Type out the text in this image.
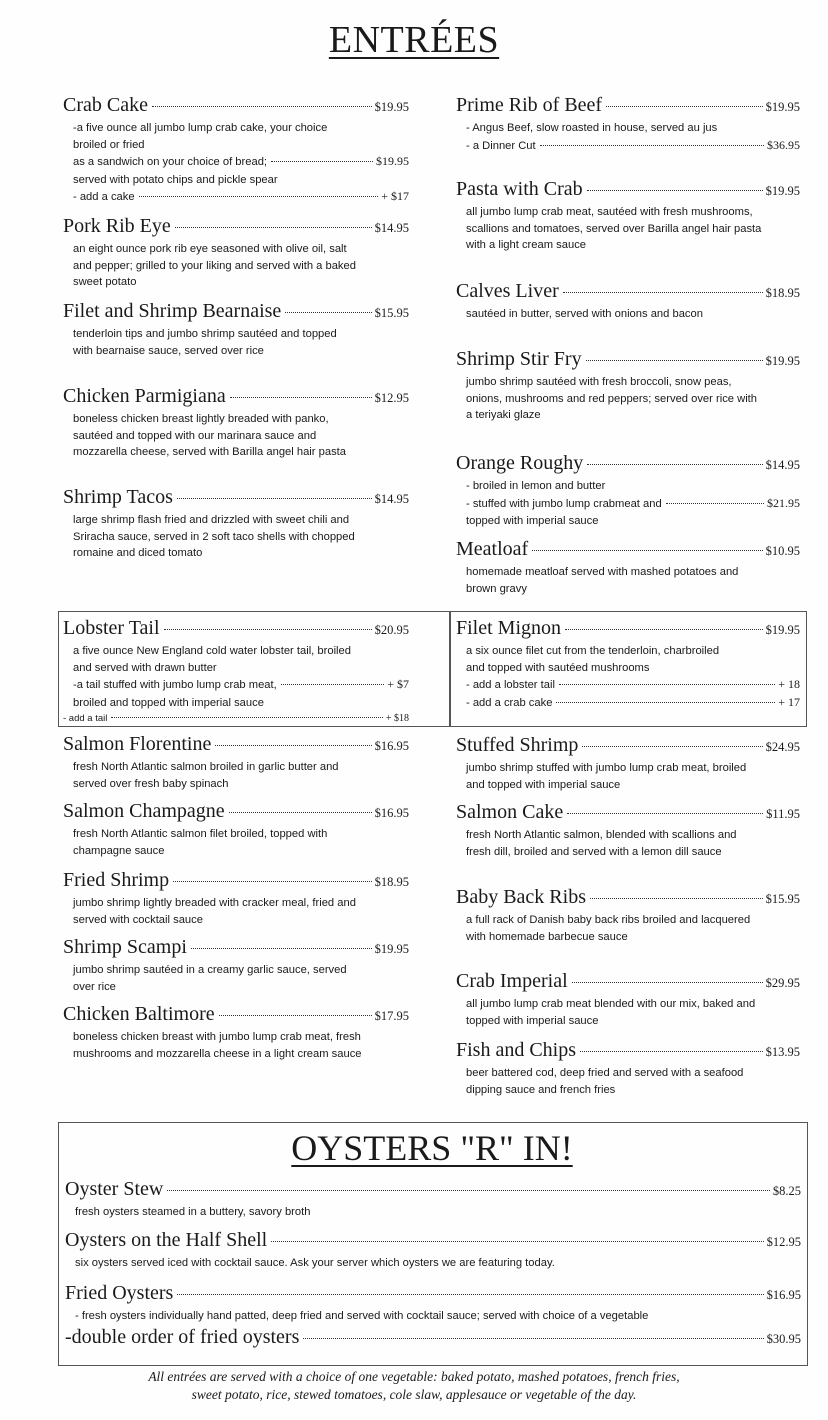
ENTRÉES
Crab Cake	$19.95
-a five ounce all jumbo lump crab cake, your choice broiled or fried
as a sandwich on your choice of bread;	$19.95
served with potato chips and pickle spear
- add a cake	+ $17
Pork Rib Eye	$14.95
an eight ounce pork rib eye seasoned with olive oil, salt and pepper; grilled to your liking and served with a baked sweet potato
Filet and Shrimp Bearnaise	$15.95
tenderloin tips and jumbo shrimp sautéed and topped with bearnaise sauce, served over rice
Chicken Parmigiana	$12.95
boneless chicken breast lightly breaded with panko, sautéed and topped with our marinara sauce and mozzarella cheese, served with Barilla angel hair pasta
Shrimp Tacos	$14.95
large shrimp flash fried and drizzled with sweet chili and Sriracha sauce, served in 2 soft taco shells with chopped romaine and diced tomato
Prime Rib of Beef	$19.95
- Angus Beef, slow roasted in house, served au jus
- a Dinner Cut	$36.95
Pasta with Crab	$19.95
all jumbo lump crab meat, sautéed with fresh mushrooms, scallions and tomatoes, served over Barilla angel hair pasta with a light cream sauce
Calves Liver	$18.95
sautéed in butter, served with onions and bacon
Shrimp Stir Fry	$19.95
jumbo shrimp sautéed with fresh broccoli, snow peas, onions, mushrooms and red peppers; served over rice with a teriyaki glaze
Orange Roughy	$14.95
- broiled in lemon and butter
- stuffed with jumbo lump crabmeat and	$21.95
topped with imperial sauce
Meatloaf	$10.95
homemade meatloaf served with mashed potatoes and brown gravy
Lobster Tail	$20.95
a five ounce New England cold water lobster tail, broiled and served with drawn butter
-a tail stuffed with jumbo lump crab meat,	+ $7
broiled and topped with imperial sauce
- add a tail	+ $18
Filet Mignon	$19.95
a six ounce filet cut from the tenderloin, charbroiled and topped with sautéed mushrooms
- add a lobster tail	+ 18
- add a crab cake	+ 17
Salmon Florentine	$16.95
fresh North Atlantic salmon broiled in garlic butter and served over fresh baby spinach
Salmon Champagne	$16.95
fresh North Atlantic salmon filet broiled, topped with champagne sauce
Fried Shrimp	$18.95
jumbo shrimp lightly breaded with cracker meal, fried and served with cocktail sauce
Shrimp Scampi	$19.95
jumbo shrimp sautéed in a creamy garlic sauce, served over rice
Chicken Baltimore	$17.95
boneless chicken breast with jumbo lump crab meat, fresh mushrooms and mozzarella cheese in a light cream sauce
Stuffed Shrimp	$24.95
jumbo shrimp stuffed with jumbo lump crab meat, broiled and topped with imperial sauce
Salmon Cake	$11.95
fresh North Atlantic salmon, blended with scallions and fresh dill, broiled and served with a lemon dill sauce
Baby Back Ribs	$15.95
a full rack of Danish baby back ribs broiled and lacquered with homemade barbecue sauce
Crab Imperial	$29.95
all jumbo lump crab meat blended with our mix, baked and topped with imperial sauce
Fish and Chips	$13.95
beer battered cod, deep fried and served with a seafood dipping sauce and french fries
OYSTERS "R" IN!
Oyster Stew	$8.25
fresh oysters steamed in a buttery, savory broth
Oysters on the Half Shell	$12.95
six oysters served iced with cocktail sauce. Ask your server which oysters we are featuring today.
Fried Oysters	$16.95
- fresh oysters individually hand patted, deep fried and served with cocktail sauce; served with choice of a vegetable
-double order of fried oysters	$30.95
All entrées are served with a choice of one vegetable: baked potato, mashed potatoes, french fries,
sweet potato, rice, stewed tomatoes, cole slaw, applesauce or vegetable of the day.
